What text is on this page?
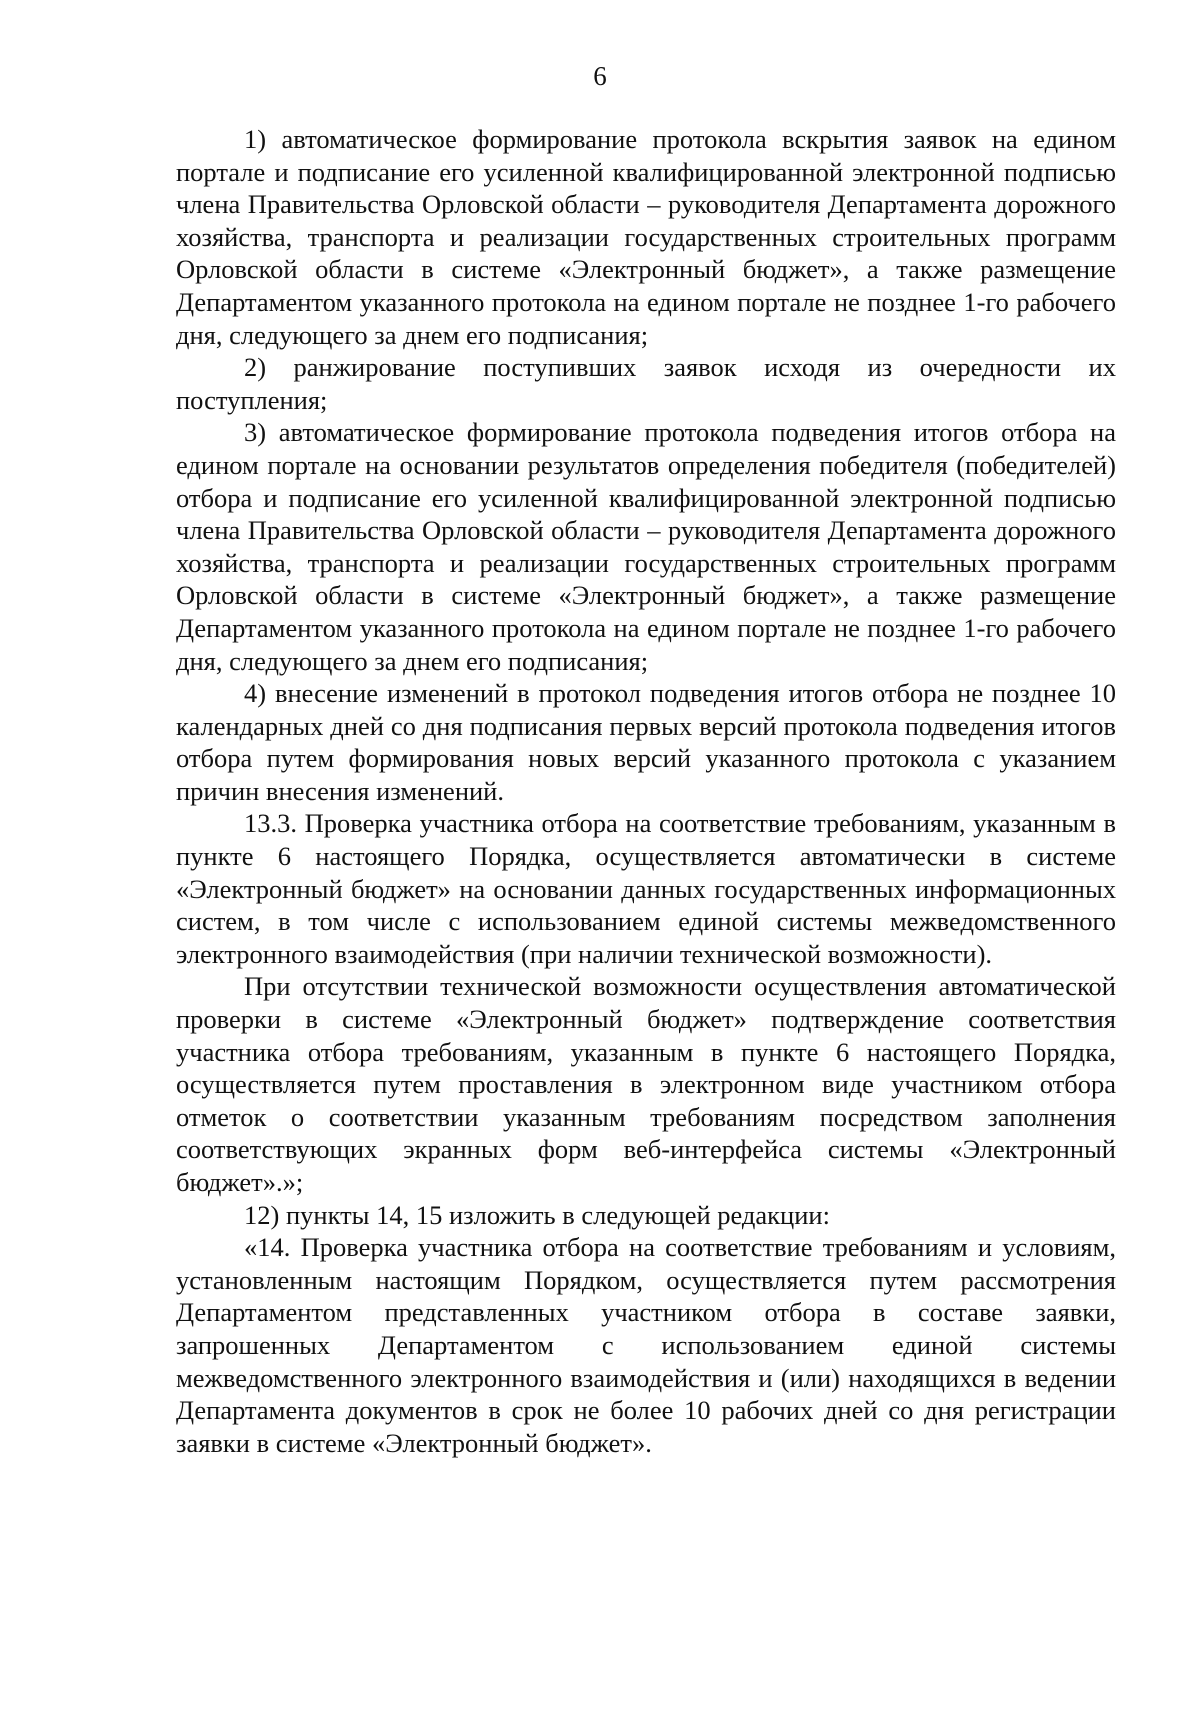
6

1) автоматическое формирование протокола вскрытия заявок на едином портале и подписание его усиленной квалифицированной электронной подписью члена Правительства Орловской области – руководителя Департамента дорожного хозяйства, транспорта и реализации государственных строительных программ Орловской области в системе «Электронный бюджет», а также размещение Департаментом указанного протокола на едином портале не позднее 1-го рабочего дня, следующего за днем его подписания;

2) ранжирование поступивших заявок исходя из очередности их поступления;

3) автоматическое формирование протокола подведения итогов отбора на едином портале на основании результатов определения победителя (победителей) отбора и подписание его усиленной квалифицированной электронной подписью члена Правительства Орловской области – руководителя Департамента дорожного хозяйства, транспорта и реализации государственных строительных программ Орловской области в системе «Электронный бюджет», а также размещение Департаментом указанного протокола на едином портале не позднее 1-го рабочего дня, следующего за днем его подписания;

4) внесение изменений в протокол подведения итогов отбора не позднее 10 календарных дней со дня подписания первых версий протокола подведения итогов отбора путем формирования новых версий указанного протокола с указанием причин внесения изменений.

13.3. Проверка участника отбора на соответствие требованиям, указанным в пункте 6 настоящего Порядка, осуществляется автоматически в системе «Электронный бюджет» на основании данных государственных информационных систем, в том числе с использованием единой системы межведомственного электронного взаимодействия (при наличии технической возможности).

При отсутствии технической возможности осуществления автоматической проверки в системе «Электронный бюджет» подтверждение соответствия участника отбора требованиям, указанным в пункте 6 настоящего Порядка, осуществляется путем проставления в электронном виде участником отбора отметок о соответствии указанным требованиям посредством заполнения соответствующих экранных форм веб-интерфейса системы «Электронный бюджет».»;

12) пункты 14, 15 изложить в следующей редакции:

«14. Проверка участника отбора на соответствие требованиям и условиям, установленным настоящим Порядком, осуществляется путем рассмотрения Департаментом представленных участником отбора в составе заявки, запрошенных Департаментом с использованием единой системы межведомственного электронного взаимодействия и (или) находящихся в ведении Департамента документов в срок не более 10 рабочих дней со дня регистрации заявки в системе «Электронный бюджет».
